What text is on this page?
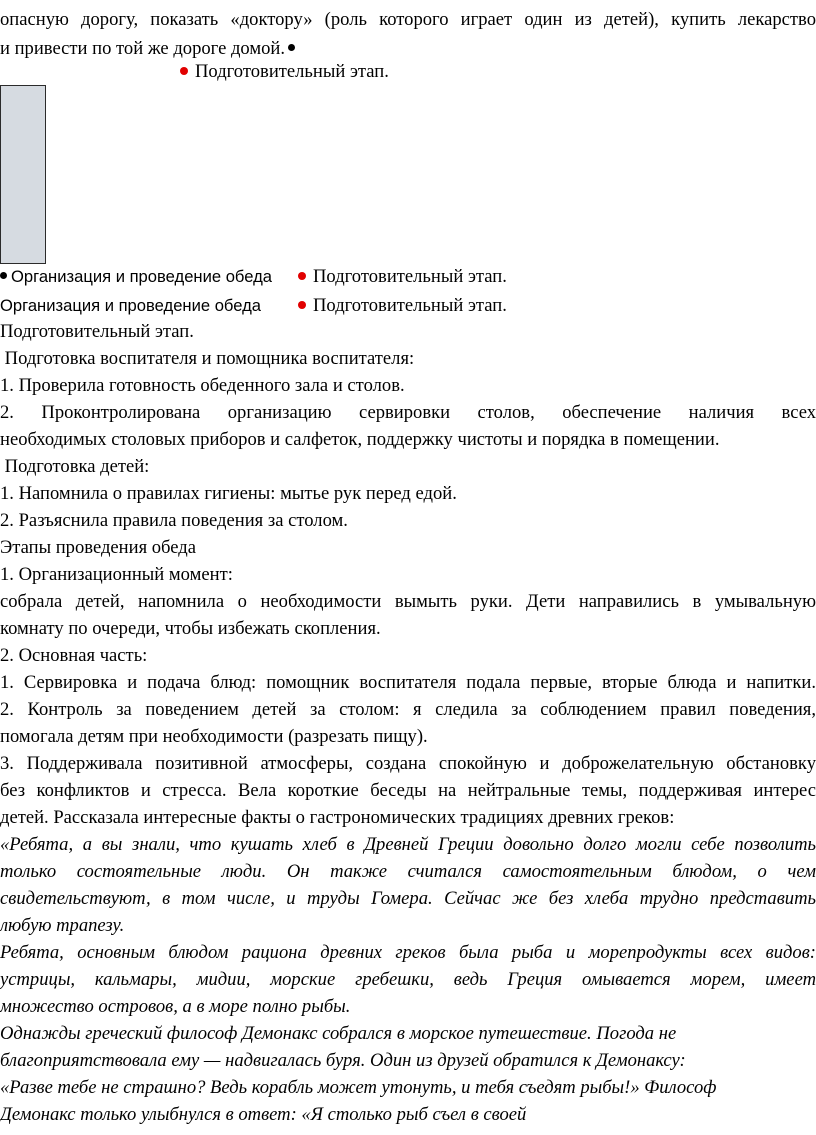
опасную дорогу, показать «доктору» (роль которого играет один из детей), купить лекарство
и привести по той же дороге домой.
Подготовительный этап.
Организация и проведение обеда	Подготовительный этап.
Организация и проведение обеда	Подготовительный этап.
Подготовительный этап.
Подготовка воспитателя и помощника воспитателя:
1. Проверила готовность обеденного зала и столов.
2. Проконтролирована организацию сервировки столов, обеспечение наличия всех
необходимых столовых приборов и салфеток, поддержку чистоты и порядка в помещении.
Подготовка детей:
1. Напомнила о правилах гигиены: мытье рук перед едой.
2. Разъяснила правила поведения за столом.
Этапы проведения обеда
1. Организационный момент:
собрала детей, напомнила о необходимости вымыть руки. Дети направились в умывальную
комнату по очереди, чтобы избежать скопления.
2. Основная часть:
1. Сервировка и подача блюд: помощник воспитателя подала первые, вторые блюда и напитки.
2. Контроль за поведением детей за столом: я следила за соблюдением правил поведения,
помогала детям при необходимости (разрезать пищу).
3. Поддерживала позитивной атмосферы, создана спокойную и доброжелательную обстановку
без конфликтов и стресса. Вела короткие беседы на нейтральные темы, поддерживая интерес
детей. Рассказала интересные факты о гастрономических традициях древних греков:
«Ребята, а вы знали, что кушать хлеб в Древней Греции довольно долго могли себе позволить
только состоятельные люди. Он также считался самостоятельным блюдом, о чем
свидетельствуют, в том числе, и труды Гомера. Сейчас же без хлеба трудно представить
любую трапезу.
Ребята, основным блюдом рациона древних греков была рыба и морепродукты всех видов:
устрицы, кальмары, мидии, морские гребешки, ведь Греция омывается морем, имеет
множество островов, а в море полно рыбы.
Однажды греческий философ Демонакс собрался в морское путешествие. Погода не
благоприятствовала ему — надвигалась буря. Один из друзей обратился к Демонаксу:
«Разве тебе не страшно? Ведь корабль может утонуть, и тебя съедят рыбы!» Философ
Демонакс только улыбнулся в ответ: «Я столько рыб съел в своей
